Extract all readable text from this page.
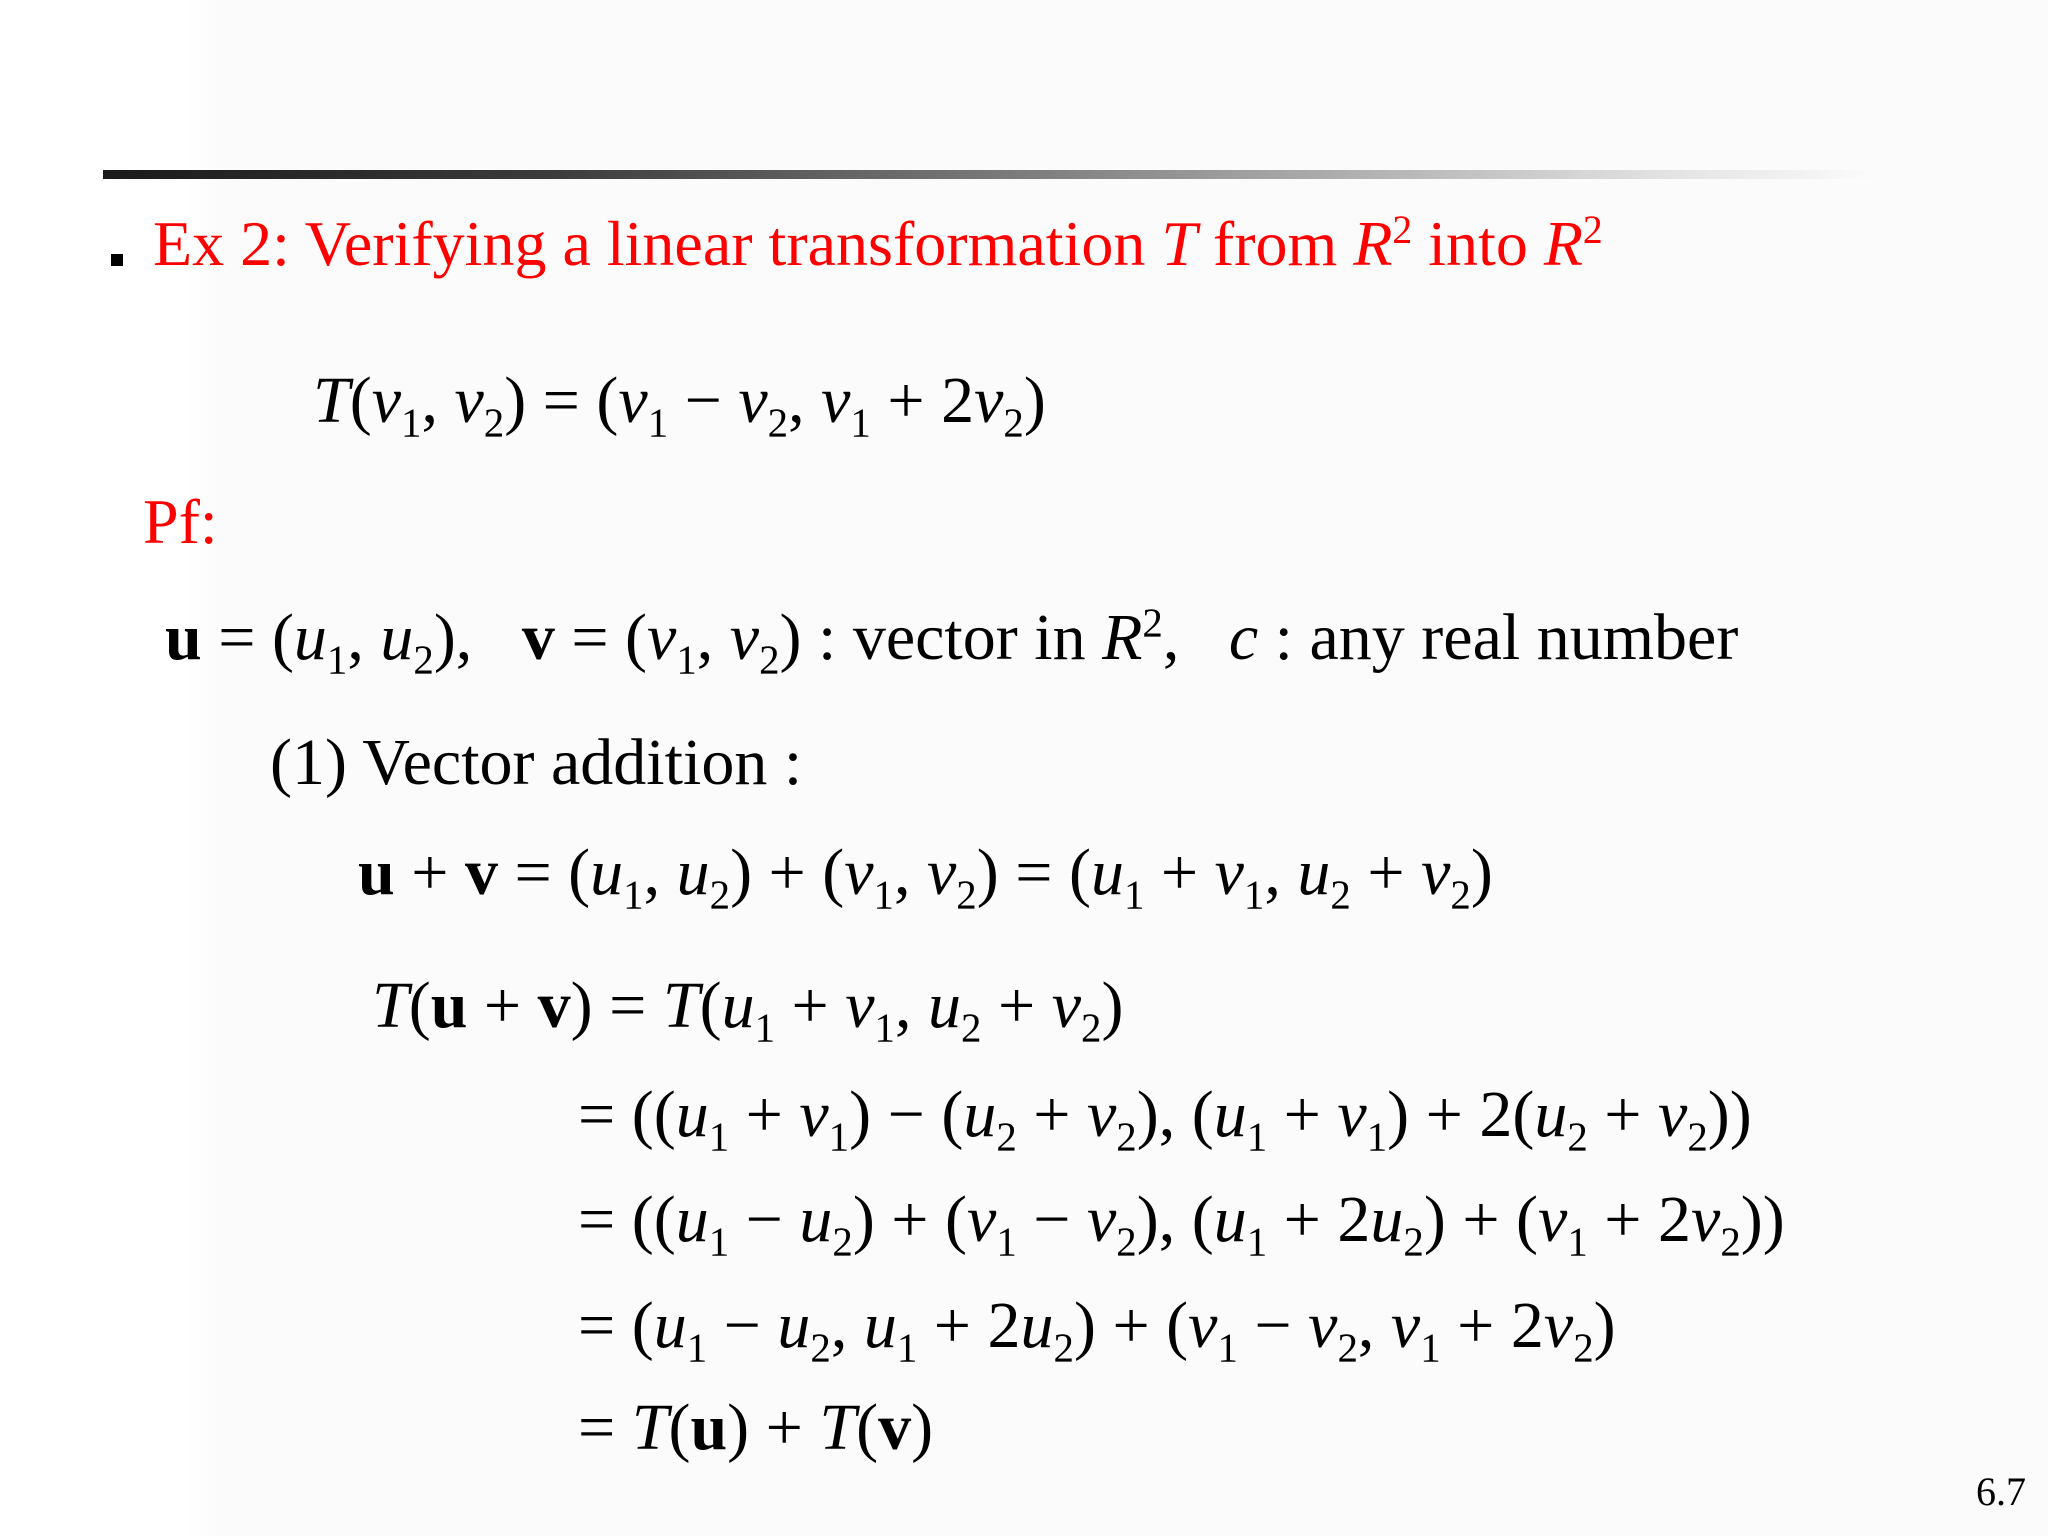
Ex 2: Verifying a linear transformation T from $R^2$ into $R^2$
$T(v_1$, $v_2) = (v_1 - v_2$, $v_1 + 2v_2$)
Pf:
$u = (u_1$, $u_2$), $v = (v_1$, $v_2$) : vector in $R^2$, c : any real number
(1) Vector addition :
$u + v = (u_1$, $u_2) + (v_1$, $v_2) = (u_1 + v_1$, $u_2 + v_2$)
$T(u + v) = T(u_1 + v_1$, $u_2 + v_2$)
= ($(u_1 + v_1) - (u_2 + v_2)$, $(u_1 + v_1) + 2(u_2 + v_2)$)
= ($(u_1 - u_2) + (v_1 - v_2)$, $(u_1 + 2u_2) + (v_1 + 2v_2)$)
= ($u_1 - u_2$, $u_1 + 2u_2) + (v_1 - v_2$, $v_1 + 2v_2$)
= T(u) + T(v)
6.7
